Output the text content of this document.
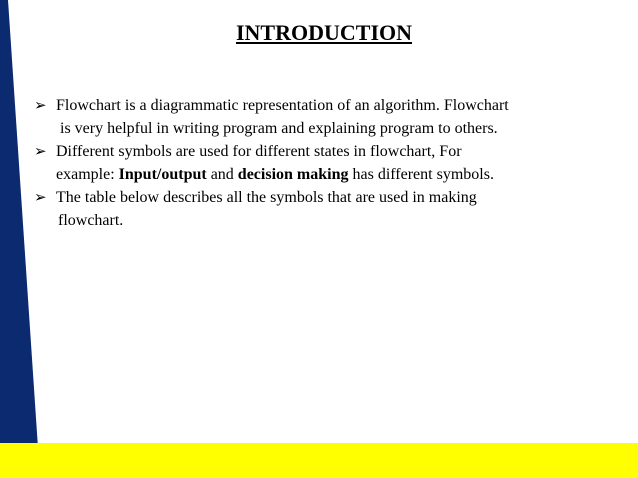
INTRODUCTION
➢ Flowchart is a diagrammatic representation of an algorithm. Flowchart
is very helpful in writing program and explaining program to others.
➢ Different symbols are used for different states in flowchart, For
example: Input/output and decision making has different symbols.
➢ The table below describes all the symbols that are used in making
flowchart.
